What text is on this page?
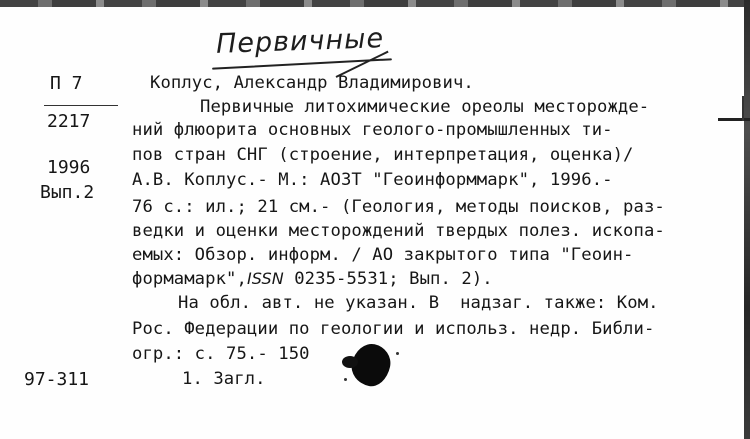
Первичные
П 7
2217
1996
Вып.2
97-311
Коплус, Александр Владимирович.
Первичные литохимические ореолы месторожде-
ний флюорита основных геолого-промышленных ти-
пов стран СНГ (строение, интерпретация, оценка)/
А.В. Коплус.- М.: АОЗТ "Геоинформмарк", 1996.-
76 с.: ил.; 21 см.- (Геология, методы поисков, раз-
ведки и оценки месторождений твердых полез. ископа-
емых: Обзор. информ. / АО закрытого типа "Геоин-
формамарк",ISSN 0235-5531; Вып. 2).
На обл. авт. не указан. В  надзаг. также: Ком.
Рос. Федерации по геологии и использ. недр. Библи-
огр.: с. 75.- 150
1. Загл.
